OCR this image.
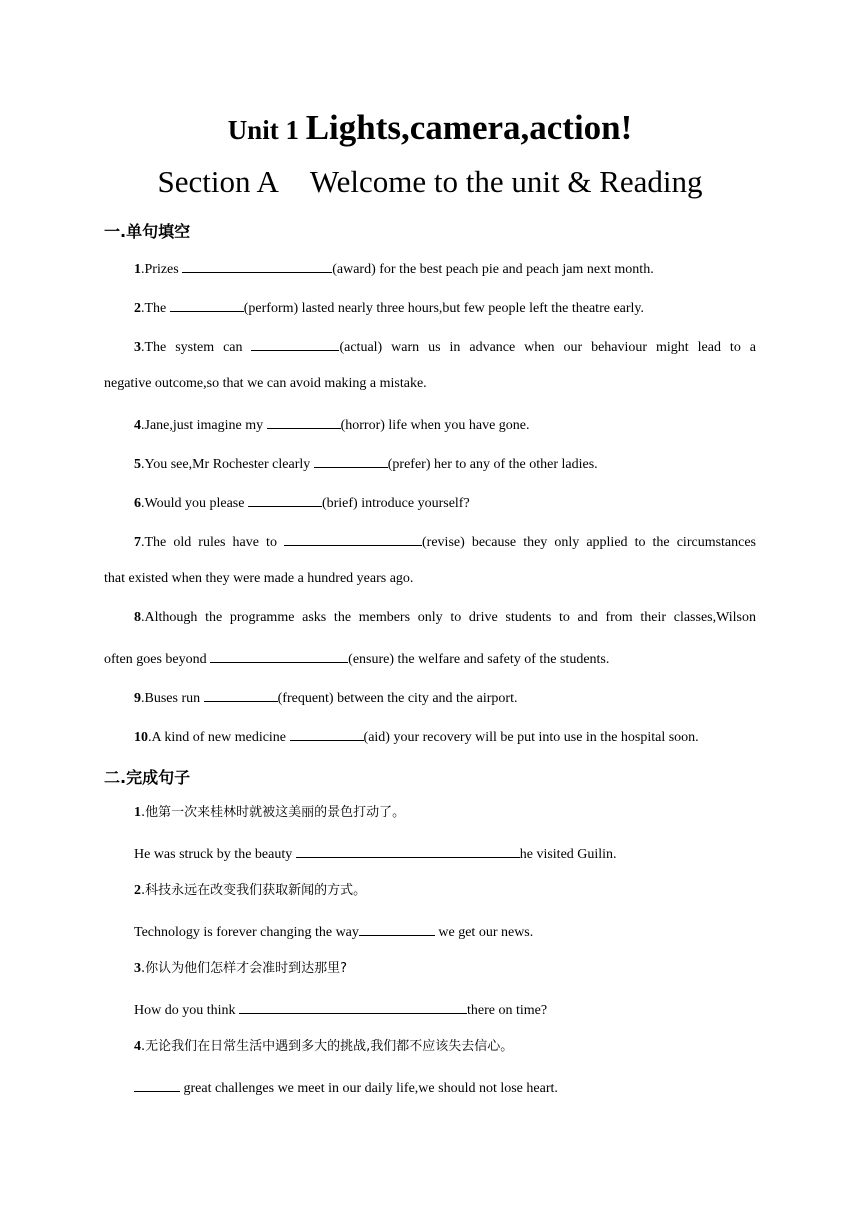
Unit 1 Lights,camera,action!
Section A    Welcome to the unit & Reading
一.单句填空
1.Prizes	(award) for the best peach pie and peach jam next month.
2.The	(perform) lasted nearly three hours,but few people left the theatre early.
3.The system can	(actual) warn us in advance when our behaviour might lead to a
negative outcome,so that we can avoid making a mistake.
4.Jane,just imagine my	(horror) life when you have gone.
5.You see,Mr Rochester clearly	(prefer) her to any of the other ladies.
6.Would you please	(brief) introduce yourself?
7.The old rules have to	(revise) because they only applied to the circumstances
that existed when they were made a hundred years ago.
8.Although the programme asks the members only to drive students to and from their classes,Wilson
often goes beyond	(ensure) the welfare and safety of the students.
9.Buses run	(frequent) between the city and the airport.
10.A kind of new medicine	(aid) your recovery will be put into use in the hospital soon.
二.完成句子
1.他第一次来桂林时就被这美丽的景色打动了。
He was struck by the beauty	he visited Guilin.
2.科技永远在改变我们获取新闻的方式。
Technology is forever changing the way	we get our news.
3.你认为他们怎样才会准时到达那里?
How do you think	there on time?
4.无论我们在日常生活中遇到多大的挑战,我们都不应该失去信心。
great challenges we meet in our daily life,we should not lose heart.
